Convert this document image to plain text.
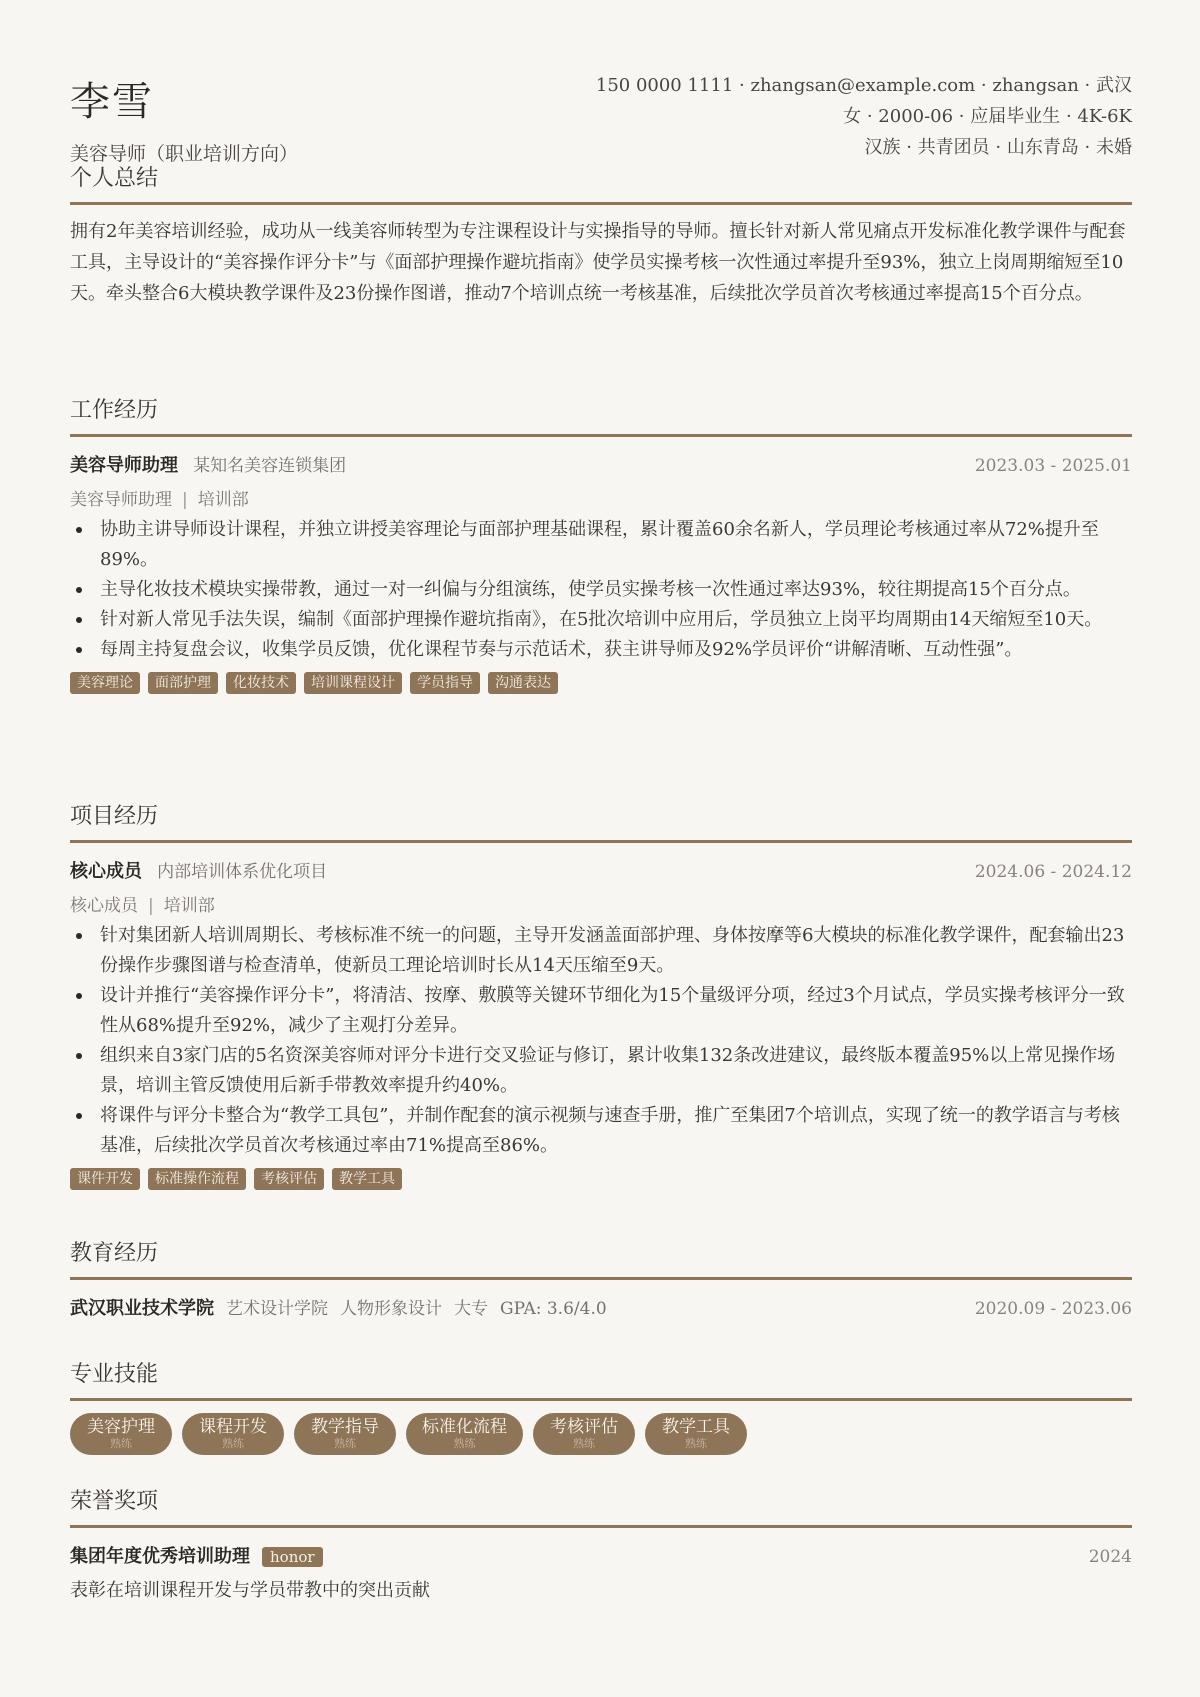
李雪
美容导师（职业培训方向）
150 0000 1111 · zhangsan@example.com · zhangsan · 武汉
女 · 2000-06 · 应届毕业生 · 4K-6K
汉族 · 共青团员 · 山东青岛 · 未婚
个人总结
拥有2年美容培训经验，成功从一线美容师转型为专注课程设计与实操指导的导师。擅长针对新人常见痛点开发标准化教学课件与配套工具，主导设计的“美容操作评分卡”与《面部护理操作避坑指南》使学员实操考核一次性通过率提升至93%，独立上岗周期缩短至10天。牵头整合6大模块教学课件及23份操作图谱，推动7个培训点统一考核基准，后续批次学员首次考核通过率提高15个百分点。
工作经历
美容导师助理 某知名美容连锁集团	2023.03 - 2025.01
美容导师助理 | 培训部
协助主讲导师设计课程，并独立讲授美容理论与面部护理基础课程，累计覆盖60余名新人，学员理论考核通过率从72%提升至89%。
主导化妆技术模块实操带教，通过一对一纠偏与分组演练，使学员实操考核一次性通过率达93%，较往期提高15个百分点。
针对新人常见手法失误，编制《面部护理操作避坑指南》，在5批次培训中应用后，学员独立上岗平均周期由14天缩短至10天。
每周主持复盘会议，收集学员反馈，优化课程节奏与示范话术，获主讲导师及92%学员评价“讲解清晰、互动性强”。
美容理论	面部护理	化妆技术	培训课程设计	学员指导	沟通表达
项目经历
核心成员 内部培训体系优化项目	2024.06 - 2024.12
核心成员 | 培训部
针对集团新人培训周期长、考核标准不统一的问题，主导开发涵盖面部护理、身体按摩等6大模块的标准化教学课件，配套输出23份操作步骤图谱与检查清单，使新员工理论培训时长从14天压缩至9天。
设计并推行“美容操作评分卡”，将清洁、按摩、敷膜等关键环节细化为15个量级评分项，经过3个月试点，学员实操考核评分一致性从68%提升至92%，减少了主观打分差异。
组织来自3家门店的5名资深美容师对评分卡进行交叉验证与修订，累计收集132条改进建议，最终版本覆盖95%以上常见操作场景，培训主管反馈使用后新手带教效率提升约40%。
将课件与评分卡整合为“教学工具包”，并制作配套的演示视频与速查手册，推广至集团7个培训点，实现了统一的教学语言与考核基准，后续批次学员首次考核通过率由71%提高至86%。
课件开发	标准操作流程	考核评估	教学工具
教育经历
武汉职业技术学院 艺术设计学院 人物形象设计 大专 GPA: 3.6/4.0	2020.09 - 2023.06
专业技能
美容护理
熟练
课程开发
熟练
教学指导
熟练
标准化流程
熟练
考核评估
熟练
教学工具
熟练
荣誉奖项
集团年度优秀培训助理 honor	2024
表彰在培训课程开发与学员带教中的突出贡献
